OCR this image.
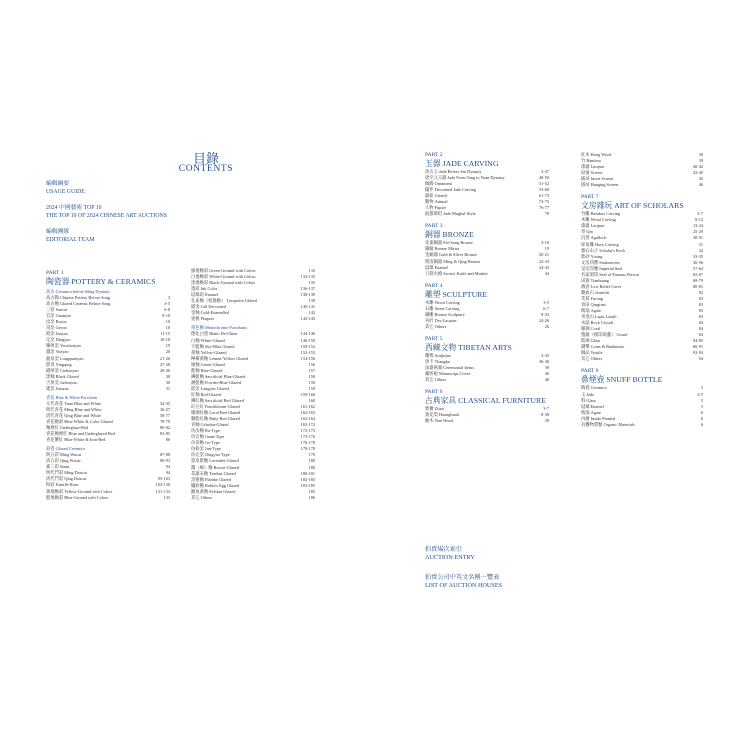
目錄
CONTENTS
編輯綱要
USAGE GUIDE
2024 中國藝術 TOP 10
THE TOP 10 OF 2024 CHINESE ART AUCTIONS
編輯團隊
EDITORIAL TEAM
PART 1
陶瓷器 POTTERY & CERAMICS
高古 Ceramics before Ming Dynasty
高古陶 Chinese Pottery Before Song	3
高古釉 Glazed Ceramic Before Song	3-5
三彩 Sancai	6-8
官窯 Guanyao	9-10
汝窯 Ruyao	10
哥窯 Geyao	10
鈞窯 Junyao	11-15
定窯 Dingyao	16-18
耀州窯 Yaozhouyao	19
越窯 Yueyao	20
龍泉窯 Longquanyao	21-26
影青 Yingqing	27-28
磁州窯 Cizhouyao	29-30
黑釉 Black Glazed	30
吉州窯 Jizhouyao	30
建窯 Jianyao	31
青花 Blue & White Porcelain
元代青花 Yuan Blue and White	32-35
明代青花 Ming Blue and White	36-57
清代青花 Qing Blue and White	58-77
青花釉彩 Blue-White & Color Glazed	78-79
釉裡紅 Underglaze-Red	80-82
青花釉裡紅 Blue and Underglazed Red	83-85
青花礬紅 Blue-White & Iron-Red	86
彩瓷 Glazed Ceramics
明五彩 Ming Wucai	87-88
清五彩 Qing Wucai	89-93
素三彩 Susnt	94
明代鬥彩 Ming Doucai	94
清代鬥彩 Qing Doucai	95-103
粉彩 Famille Rose	103-130
黃地釉彩 Yellow-Ground with Colors	131-133
藍地釉彩 Blue-Ground with Colors	133
綠地釉彩 Green-Ground with Colors	133
白地釉彩 White-Ground with Colors	133-135
黑地釉彩 Black-Ground with Colors	135
墨彩 Ink Color	136-137
琺瑯彩 Enamel	138-139
孔雀釉（松綠釉） Turquoise Glazed	139
描金 Gilt Decorated	140-141
金釉 Gold-Enamelled	142
瓷板 Plaques	142-143
單色釉 Monochrome Porcelains
德化白瓷 Blanc-De-Chine	144-146
白釉 White-Glazed	146-150
天藍釉 Sky-Blue Glazed	150-152
黃釉 Yellow-Glazed	152-153
檸檬黃釉 Lemon-Yellow Glazed	154-156
綠釉 Green-Glazed	156
藍釉 Blue-Glazed	157
霽藍釉 Sacrificial Blue-Glazed	158
灑藍釉 Powder-Blue-Glazed	158
郎窯 Langyao Glazed	159
紅釉 Red-Glazed	159-160
霽紅釉 Sacrificial Red Glazed	160
豇豆紅 Peachbloom-Glazed	161-162
珊瑚紅釉 Coral Red Glazed	162-163
胭脂紅釉 Ruby Red Glazed	163-164
青釉 Celadon-Glazed	165-172
仿汝釉 Ru-Type	172-173
仿官釉 Guan-Type	173-176
仿哥釉 Ge-Type	176-178
仿鈞窯 Jun-Type	178-179
仿定窯 Dingyao-Type	179
茄皮紫釉 Lavender Glazed	180
醬（褐）釉 Brown-Glazed	180
茶葉末釉 Teadust Glazed	180-181
窯變釉 Flambe Glazed	182-183
爐鈞釉 Robin's Egg Glazed	183-185
鱔魚黃釉 Eelskin Glazed	185
其它 Others	186
PART 2
玉器 JADE CARVING
高古玉 Jade Before Sui Dynasty	3-47
唐至元玉器 Jade From Tang to Yuan Dynasty	48-50
佩飾 Ornament	51-52
擺件 Decorated Jade Carving	53-60
器皿 Utensil	61-73
動物 Animal	74-75
人物 Figure	76-77
痕都斯坦 Jade Mughal-Style	78
PART 3
銅器 BRONZE
先秦銅器 Pre-Song Bronze	3-18
銅鏡 Bronze Mirror	19
金銅器 Gold & Silver Bronze	20-21
明清銅器 Ming & Qing Bronze	22-33
琺瑯 Enamel	34-43
刀劍火槍 Sword, Knife and Musket	44
PART 4
雕塑 SCULPTURE
木雕 Wood Carving	3-5
石雕 Stone Carving	6-7
銅雕 Bronze Sculpture	8-23
夾紵 Dry-Lacquer	24-26
其它 Others	26
PART 5
西藏文物 TIBETAN ARTS
雕像 Sculpture	3-35
唐卡 Thangka	36-38
法器供器 Ceremonial Items	39
藏經板 Manuscript Cover	40
其它 Others	40
PART 6
古典家具 CLASSICAL FURNITURE
紫檀 Zitan	3-7
黃花梨 Huanghuali	8-38
楠木 Nan Wood	39
紅木 Hong Wood	39
竹 Bamboo	39
漆器 Lacquer	40-42
屏風 Screen	43-45
插屏 Insert Screen	45
掛屏 Hanging Screen	46
PART 7
文房雜玩 ART OF SCHOLARS
竹雕 Bamboo Carving	3-7
木雕 Wood Carving	8-12
漆器 Lacquer	13-24
琴 Qin	25-29
沉香 Agalloch	30-31
犀角雕 Horn Carving	31
雅石山子 Scholar's Rock	32
紫砂 Yixing	33-35
文房四寶 Stationeries	36-56
皇室印璽 Imperial Seal	57-64
名家刻印 Seal of Famous Person	65-67
田黃 Tianhuang	68-79
薄意 Low Relief Carve	80-81
雞血石 Jixueshi	82
芙蓉 Furong	83
青田 Qingtian	83
瑪瑙 Agate	83
青金石 Lapis Lazuli	83
水晶 Rock Crystal	84
珊瑚 Coral	84
匏器（模印葫蘆） Gourd	84
玻璃 Glass	84-85
錢幣 Coins & Banknotes	86-91
織品 Textile	92-94
其它 Others	94
PART 8
鼻煙壺 SNUFF BOTTLE
陶瓷 Ceramics	3
玉 Jade	3-5
料 Glass	5
琺瑯 Enamel	5
瑪瑙 Agate	6
內繪 Inside Painted	6
有機物質類 Organic Materials	6
拍賣場次索引
AUCTION ENTRY
拍賣公司中英文名稱一覽表
LIST OF AUCTION HOUSES
